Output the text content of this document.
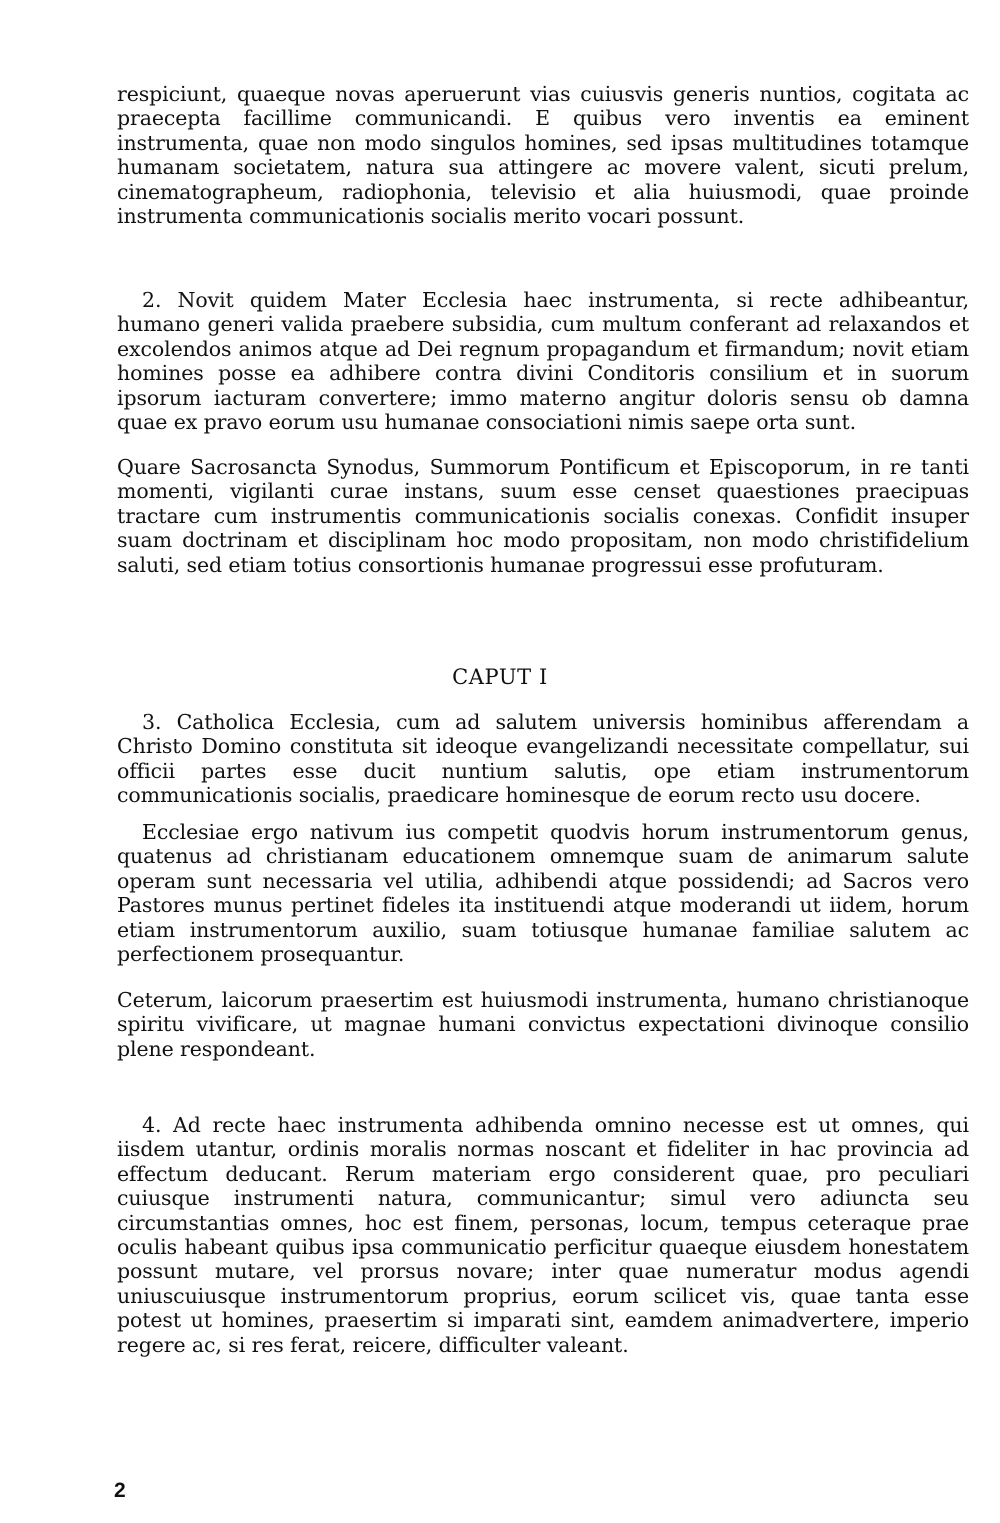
respiciunt, quaeque novas aperuerunt vias cuiusvis generis nuntios, cogitata ac praecepta facillime communicandi. E quibus vero inventis ea eminent instrumenta, quae non modo singulos homines, sed ipsas multitudines totamque humanam societatem, natura sua attingere ac movere valent, sicuti prelum, cinematographeum, radiophonia, televisio et alia huiusmodi, quae proinde instrumenta communicationis socialis merito vocari possunt.

2. Novit quidem Mater Ecclesia haec instrumenta, si recte adhibeantur, humano generi valida praebere subsidia, cum multum conferant ad relaxandos et excolendos animos atque ad Dei regnum propagandum et firmandum; novit etiam homines posse ea adhibere contra divini Conditoris consilium et in suorum ipsorum iacturam convertere; immo materno angitur doloris sensu ob damna quae ex pravo eorum usu humanae consociationi nimis saepe orta sunt.

Quare Sacrosancta Synodus, Summorum Pontificum et Episcoporum, in re tanti momenti, vigilanti curae instans, suum esse censet quaestiones praecipuas tractare cum instrumentis communicationis socialis conexas. Confidit insuper suam doctrinam et disciplinam hoc modo propositam, non modo christifidelium saluti, sed etiam totius consortionis humanae progressui esse profuturam.

CAPUT I

3. Catholica Ecclesia, cum ad salutem universis hominibus afferendam a Christo Domino constituta sit ideoque evangelizandi necessitate compellatur, sui officii partes esse ducit nuntium salutis, ope etiam instrumentorum communicationis socialis, praedicare hominesque de eorum recto usu docere.

Ecclesiae ergo nativum ius competit quodvis horum instrumentorum genus, quatenus ad christianam educationem omnemque suam de animarum salute operam sunt necessaria vel utilia, adhibendi atque possidendi; ad Sacros vero Pastores munus pertinet fideles ita instituendi atque moderandi ut iidem, horum etiam instrumentorum auxilio, suam totiusque humanae familiae salutem ac perfectionem prosequantur.

Ceterum, laicorum praesertim est huiusmodi instrumenta, humano christianoque spiritu vivificare, ut magnae humani convictus expectationi divinoque consilio plene respondeant.

4. Ad recte haec instrumenta adhibenda omnino necesse est ut omnes, qui iisdem utantur, ordinis moralis normas noscant et fideliter in hac provincia ad effectum deducant. Rerum materiam ergo considerent quae, pro peculiari cuiusque instrumenti natura, communicantur; simul vero adiuncta seu circumstantias omnes, hoc est finem, personas, locum, tempus ceteraque prae oculis habeant quibus ipsa communicatio perficitur quaeque eiusdem honestatem possunt mutare, vel prorsus novare; inter quae numeratur modus agendi uniuscuiusque instrumentorum proprius, eorum scilicet vis, quae tanta esse potest ut homines, praesertim si imparati sint, eamdem animadvertere, imperio regere ac, si res ferat, reicere, difficulter valeant.

2
